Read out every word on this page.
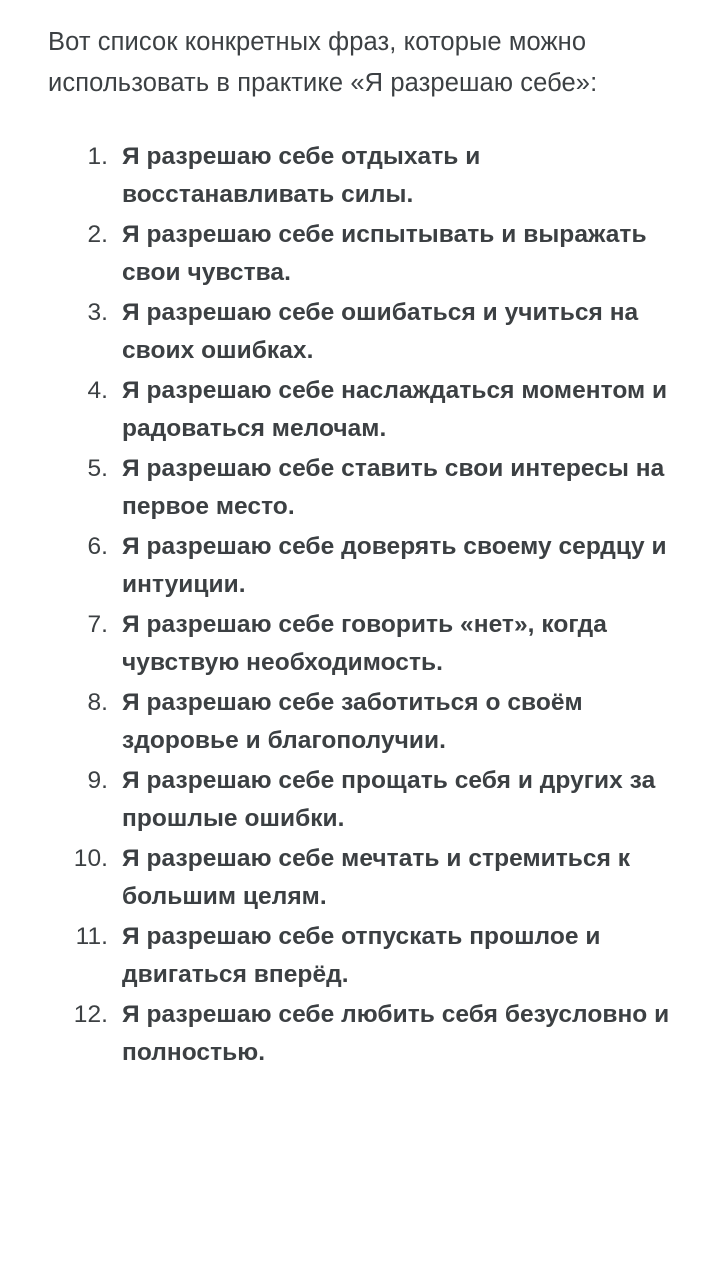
Вот список конкретных фраз, которые можно использовать в практике «Я разрешаю себе»:

Я разрешаю себе отдыхать и восстанавливать силы.
Я разрешаю себе испытывать и выражать свои чувства.
Я разрешаю себе ошибаться и учиться на своих ошибках.
Я разрешаю себе наслаждаться моментом и радоваться мелочам.
Я разрешаю себе ставить свои интересы на первое место.
Я разрешаю себе доверять своему сердцу и интуиции.
Я разрешаю себе говорить «нет», когда чувствую необходимость.
Я разрешаю себе заботиться о своём здоровье и благополучии.
Я разрешаю себе прощать себя и других за прошлые ошибки.
Я разрешаю себе мечтать и стремиться к большим целям.
Я разрешаю себе отпускать прошлое и двигаться вперёд.
Я разрешаю себе любить себя безусловно и полностью.
